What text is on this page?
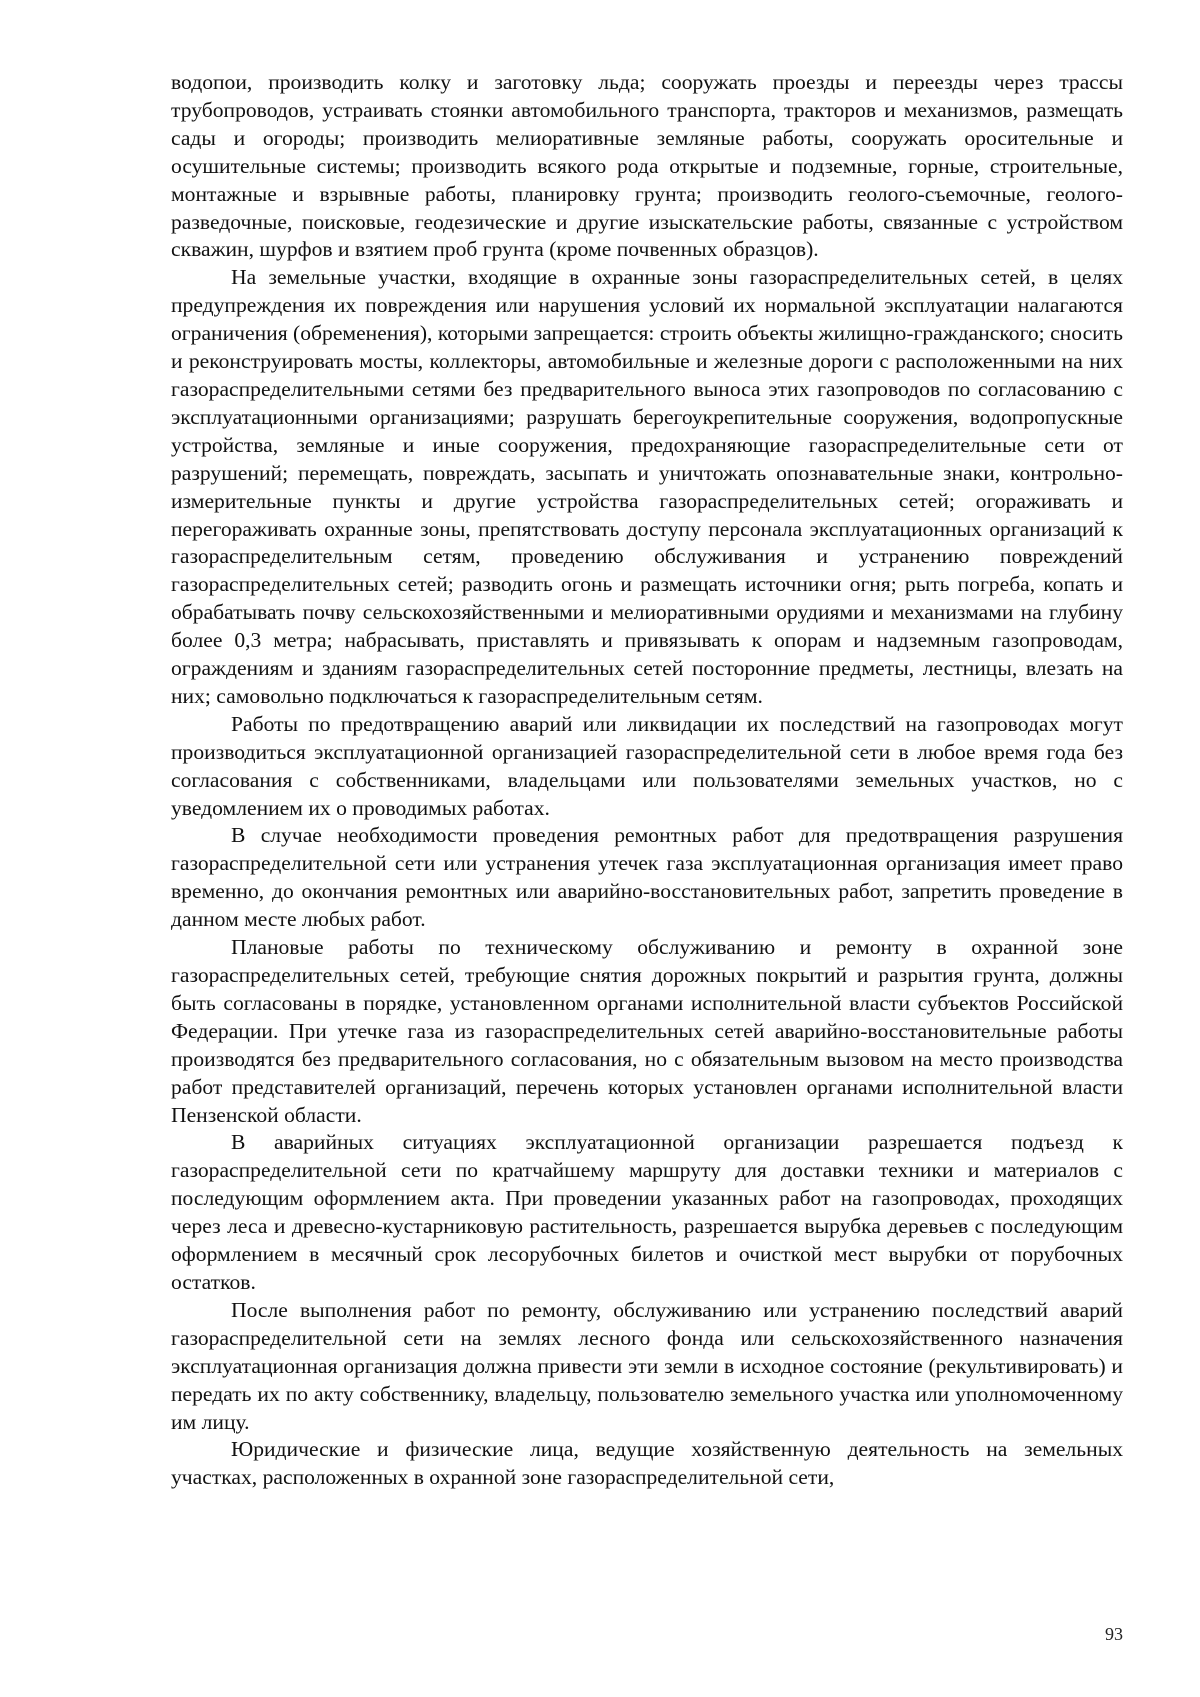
водопои, производить колку и заготовку льда; сооружать проезды и переезды через трассы трубопроводов, устраивать стоянки автомобильного транспорта, тракторов и механизмов, размещать сады и огороды; производить мелиоративные земляные работы, сооружать оросительные и осушительные системы; производить всякого рода открытые и подземные, горные, строительные, монтажные и взрывные работы, планировку грунта; производить геолого-съемочные, геолого-разведочные, поисковые, геодезические и другие изыскательские работы, связанные с устройством скважин, шурфов и взятием проб грунта (кроме почвенных образцов).

На земельные участки, входящие в охранные зоны газораспределительных сетей, в целях предупреждения их повреждения или нарушения условий их нормальной эксплуатации налагаются ограничения (обременения), которыми запрещается: строить объекты жилищно-гражданского; сносить и реконструировать мосты, коллекторы, автомобильные и железные дороги с расположенными на них газораспределительными сетями без предварительного выноса этих газопроводов по согласованию с эксплуатационными организациями; разрушать берегоукрепительные сооружения, водопропускные устройства, земляные и иные сооружения, предохраняющие газораспределительные сети от разрушений; перемещать, повреждать, засыпать и уничтожать опознавательные знаки, контрольно-измерительные пункты и другие устройства газораспределительных сетей; огораживать и перегораживать охранные зоны, препятствовать доступу персонала эксплуатационных организаций к газораспределительным сетям, проведению обслуживания и устранению повреждений газораспределительных сетей; разводить огонь и размещать источники огня; рыть погреба, копать и обрабатывать почву сельскохозяйственными и мелиоративными орудиями и механизмами на глубину более 0,3 метра; набрасывать, приставлять и привязывать к опорам и надземным газопроводам, ограждениям и зданиям газораспределительных сетей посторонние предметы, лестницы, влезать на них; самовольно подключаться к газораспределительным сетям.

Работы по предотвращению аварий или ликвидации их последствий на газопроводах могут производиться эксплуатационной организацией газораспределительной сети в любое время года без согласования с собственниками, владельцами или пользователями земельных участков, но с уведомлением их о проводимых работах.

В случае необходимости проведения ремонтных работ для предотвращения разрушения газораспределительной сети или устранения утечек газа эксплуатационная организация имеет право временно, до окончания ремонтных или аварийно-восстановительных работ, запретить проведение в данном месте любых работ.

Плановые работы по техническому обслуживанию и ремонту в охранной зоне газораспределительных сетей, требующие снятия дорожных покрытий и разрытия грунта, должны быть согласованы в порядке, установленном органами исполнительной власти субъектов Российской Федерации. При утечке газа из газораспределительных сетей аварийно-восстановительные работы производятся без предварительного согласования, но с обязательным вызовом на место производства работ представителей организаций, перечень которых установлен органами исполнительной власти Пензенской области.

В аварийных ситуациях эксплуатационной организации разрешается подъезд к газораспределительной сети по кратчайшему маршруту для доставки техники и материалов с последующим оформлением акта. При проведении указанных работ на газопроводах, проходящих через леса и древесно-кустарниковую растительность, разрешается вырубка деревьев с последующим оформлением в месячный срок лесорубочных билетов и очисткой мест вырубки от порубочных остатков.

После выполнения работ по ремонту, обслуживанию или устранению последствий аварий газораспределительной сети на землях лесного фонда или сельскохозяйственного назначения эксплуатационная организация должна привести эти земли в исходное состояние (рекультивировать) и передать их по акту собственнику, владельцу, пользователю земельного участка или уполномоченному им лицу.

Юридические и физические лица, ведущие хозяйственную деятельность на земельных участках, расположенных в охранной зоне газораспределительной сети,

93
